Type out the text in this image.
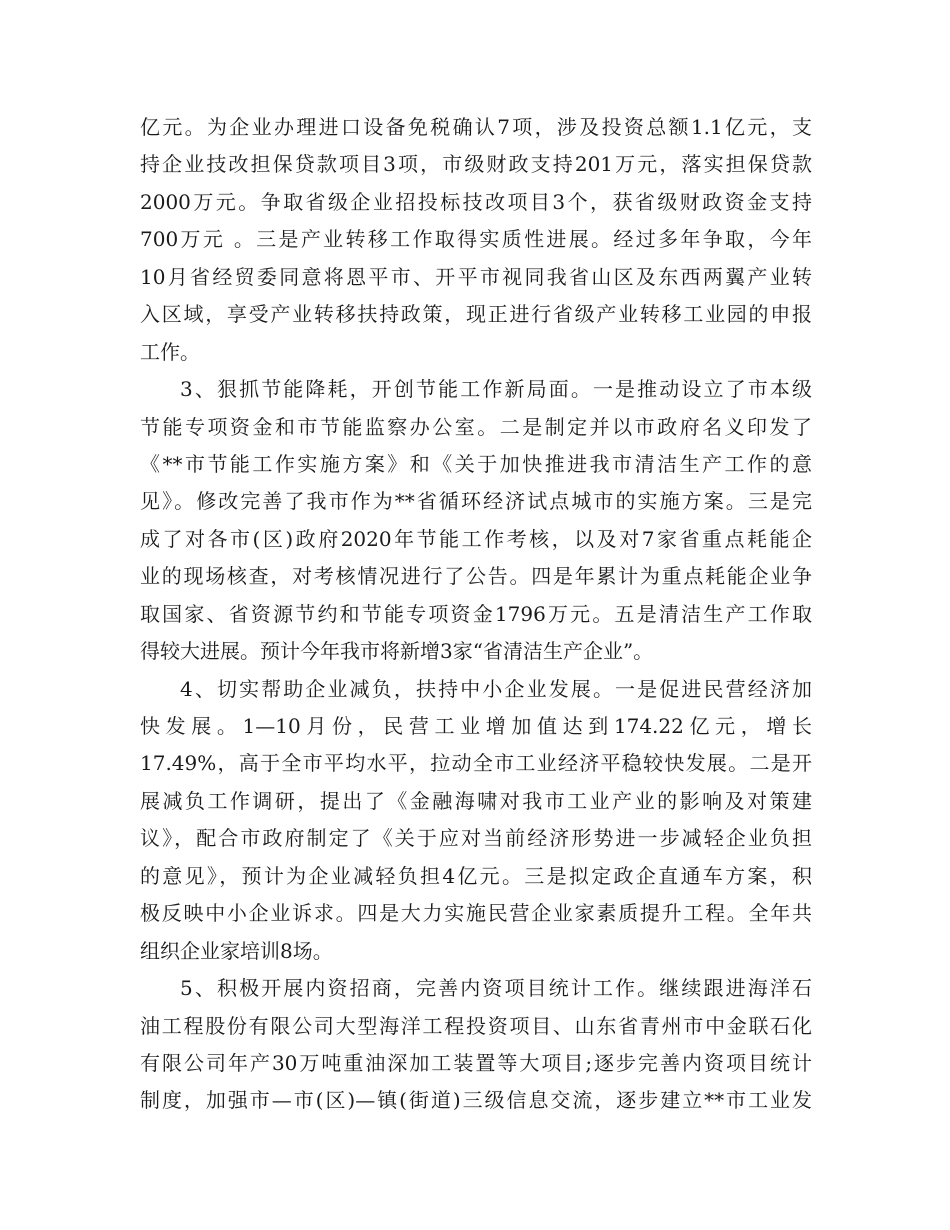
亿元。为企业办理进口设备免税确认7项，涉及投资总额1.1亿元，支
持企业技改担保贷款项目3项，市级财政支持201万元，落实担保贷款
2000万元。争取省级企业招投标技改项目3个，获省级财政资金支持
700万元 。三是产业转移工作取得实质性进展。经过多年争取，今年
10月省经贸委同意将恩平市、开平市视同我省山区及东西两翼产业转
入区域，享受产业转移扶持政策，现正进行省级产业转移工业园的申报
工作。
3、狠抓节能降耗，开创节能工作新局面。一是推动设立了市本级
节能专项资金和市节能监察办公室。二是制定并以市政府名义印发了
《**市节能工作实施方案》和《关于加快推进我市清洁生产工作的意
见》。修改完善了我市作为**省循环经济试点城市的实施方案。三是完
成了对各市(区)政府2020年节能工作考核，以及对7家省重点耗能企
业的现场核查，对考核情况进行了公告。四是年累计为重点耗能企业争
取国家、省资源节约和节能专项资金1796万元。五是清洁生产工作取
得较大进展。预计今年我市将新增3家“省清洁生产企业”。
4、切实帮助企业减负，扶持中小企业发展。一是促进民营经济加
快发展。1—10月份，民营工业增加值达到174.22亿元，增长
17.49%，高于全市平均水平，拉动全市工业经济平稳较快发展。二是开
展减负工作调研，提出了《金融海啸对我市工业产业的影响及对策建
议》，配合市政府制定了《关于应对当前经济形势进一步减轻企业负担
的意见》，预计为企业减轻负担4亿元。三是拟定政企直通车方案，积
极反映中小企业诉求。四是大力实施民营企业家素质提升工程。全年共
组织企业家培训8场。
5、积极开展内资招商，完善内资项目统计工作。继续跟进海洋石
油工程股份有限公司大型海洋工程投资项目、山东省青州市中金联石化
有限公司年产30万吨重油深加工装置等大项目;逐步完善内资项目统计
制度，加强市—市(区)—镇(街道)三级信息交流，逐步建立**市工业发
